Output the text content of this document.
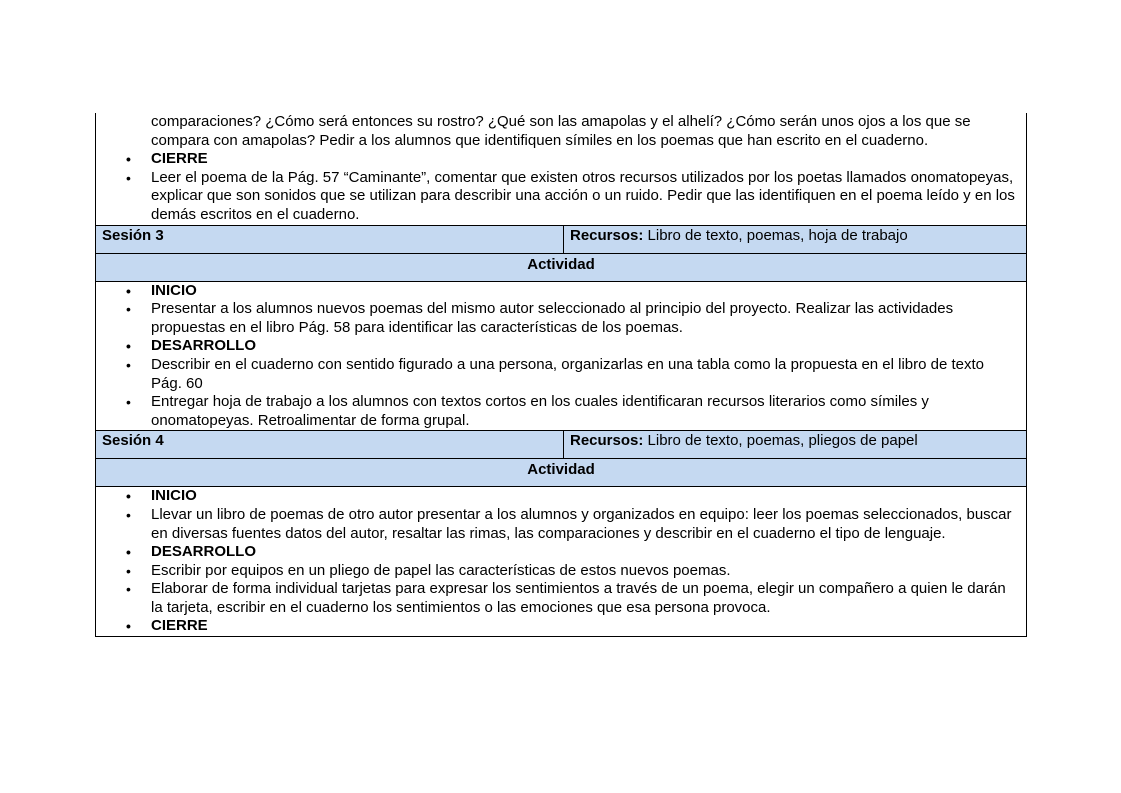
comparaciones? ¿Cómo será entonces su rostro? ¿Qué son las amapolas y el alhelí? ¿Cómo serán unos ojos a los que se compara con amapolas? Pedir a los alumnos que identifiquen símiles en los poemas que han escrito en el cuaderno.
• CIERRE
• Leer el poema de la Pág. 57 “Caminante”, comentar que existen otros recursos utilizados por los poetas llamados onomatopeyas, explicar que son sonidos que se utilizan para describir una acción o un ruido. Pedir que las identifiquen en el poema leído y en los demás escritos en el cuaderno.
Sesión 3	Recursos: Libro de texto, poemas, hoja de trabajo
Actividad
• INICIO
• Presentar a los alumnos nuevos poemas del mismo autor seleccionado al principio del proyecto. Realizar las actividades propuestas en el libro Pág. 58 para identificar las características de los poemas.
• DESARROLLO
• Describir en el cuaderno con sentido figurado a una persona, organizarlas en una tabla como la propuesta en el libro de texto Pág. 60
• Entregar hoja de trabajo a los alumnos con textos cortos en los cuales identificaran recursos literarios como símiles y onomatopeyas. Retroalimentar de forma grupal.
Sesión 4	Recursos: Libro de texto, poemas, pliegos de papel
Actividad
• INICIO
• Llevar un libro de poemas de otro autor presentar a los alumnos y organizados en equipo: leer los poemas seleccionados, buscar en diversas fuentes datos del autor, resaltar las rimas, las comparaciones y describir en el cuaderno el tipo de lenguaje.
• DESARROLLO
• Escribir por equipos en un pliego de papel las características de estos nuevos poemas.
• Elaborar de forma individual tarjetas para expresar los sentimientos a través de un poema, elegir un compañero a quien le darán la tarjeta, escribir en el cuaderno los sentimientos o las emociones que esa persona provoca.
• CIERRE
